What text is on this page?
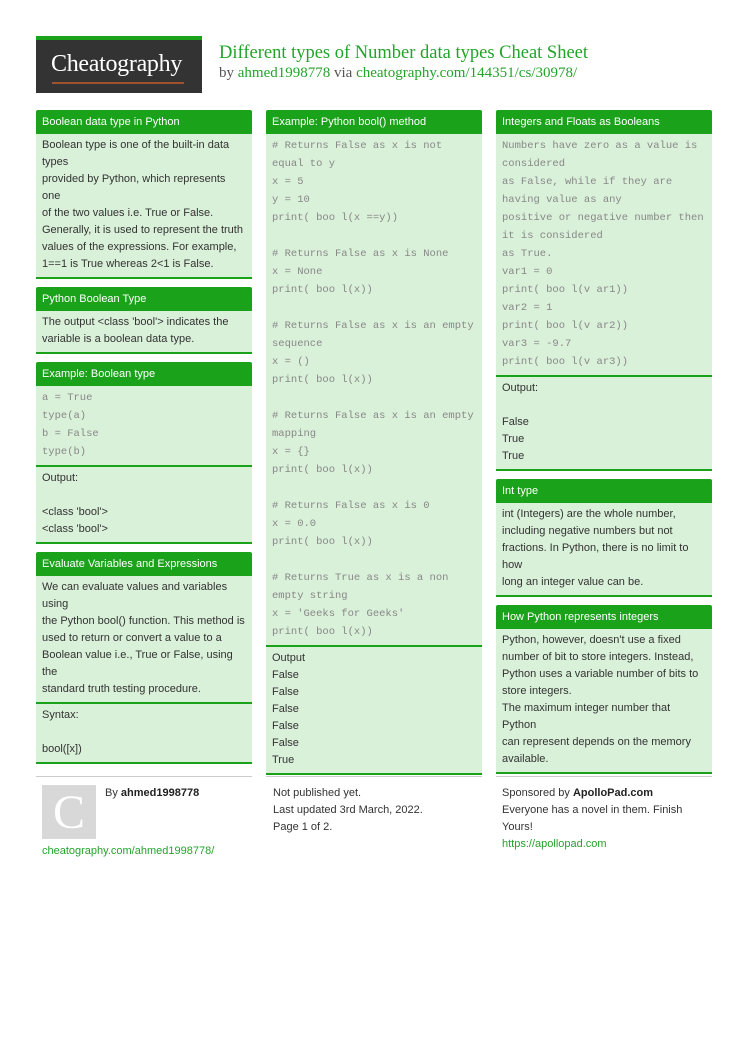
Cheatography Different types of Number data types Cheat Sheet
by ahmed1998778 via cheatography.com/144351/cs/30978/
Boolean data type in Python
Boolean type is one of the built-in data types
provided by Python, which represents one
of the two values i.e. True or False.
Generally, it is used to represent the truth
values of the expressions. For example,
1==1 is True whereas 2<1 is False.
Python Boolean Type
The output <class 'bool'> indicates the
variable is a boolean data type.
Example: Boolean type
a = True
type(a)
b = False
type(b)
Output:
<class 'bool'>
<class 'bool'>
Evaluate Variables and Expressions
We can evaluate values and variables using
the Python bool() function. This method is
used to return or convert a value to a
Boolean value i.e., True or False, using the
standard truth testing procedure.
Syntax:
bool([x])
Example: Python bool() method
# Returns False as x is not
equal to y
x = 5
y = 10
print( boo l(x ==y))
# Returns False as x is None
x = None
print( boo l(x))
# Returns False as x is an empty
sequence
x = ()
print( boo l(x))
# Returns False as x is an empty
mapping
x = {}
print( boo l(x))
# Returns False as x is 0
x = 0.0
print( boo l(x))
# Returns True as x is a non
empty string
x = 'Geeks for Geeks'
print( boo l(x))
Output
False
False
False
False
False
True
Integers and Floats as Booleans
Numbers have zero as a value is
considered
as False, while if they are
having value as any
positive or negative number then
it is considered
as True.
var1 = 0
print( boo l(v ar1))
var2 = 1
print( boo l(v ar2))
var3 = -9.7
print( boo l(v ar3))
Output:
False
True
True
Int type
int (Integers) are the whole number,
including negative numbers but not
fractions. In Python, there is no limit to how
long an integer value can be.
How Python represents integers
Python, however, doesn't use a fixed
number of bit to store integers. Instead,
Python uses a variable number of bits to
store integers.
The maximum integer number that Python
can represent depends on the memory
available.
C	By ahmed1998778
cheatography.com/ahmed1998778/
Not published yet.
Last updated 3rd March, 2022.
Page 1 of 2.
Sponsored by ApolloPad.com
Everyone has a novel in them. Finish
Yours!
https://apollopad.com
